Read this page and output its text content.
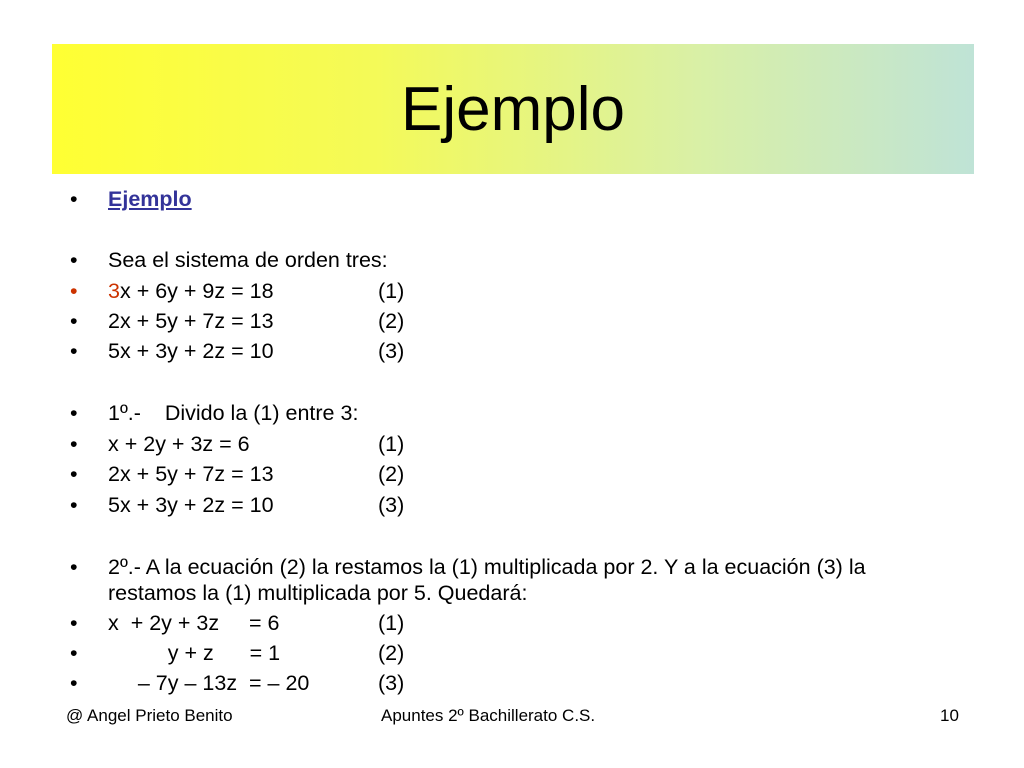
Ejemplo
•	Ejemplo
•	Sea el sistema de orden tres:
•	3x + 6y + 9z = 18	(1)
•	2x + 5y + 7z = 13	(2)
•	5x + 3y + 2z = 10	(3)
•	1º.-    Divido la (1) entre 3:
•	x + 2y + 3z = 6	(1)
•	2x + 5y + 7z = 13	(2)
•	5x + 3y + 2z = 10	(3)
•	2º.- A la ecuación (2) la restamos la (1) multiplicada por 2. Y a la ecuación (3) la restamos la (1) multiplicada por 5. Quedará:
•	x  + 2y + 3z     = 6	(1)
•	y + z      = 1	(2)
•	– 7y – 13z  = – 20	(3)
@ Angel Prieto Benito	Apuntes 2º Bachillerato C.S.	10
